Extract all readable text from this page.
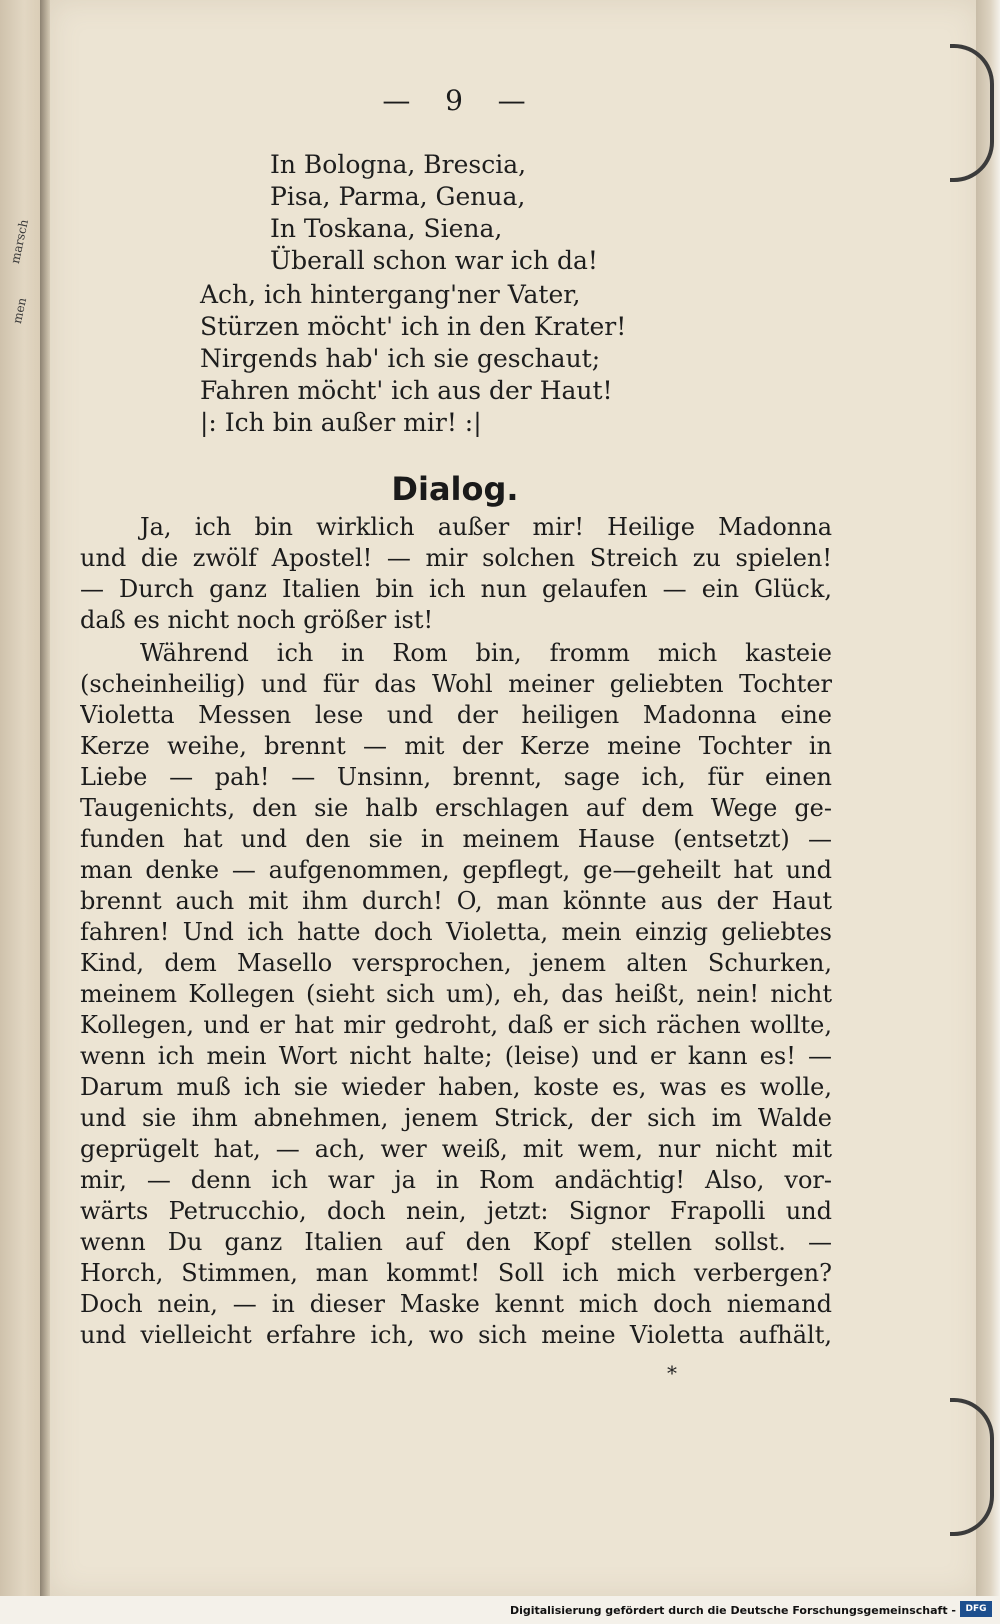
marsch
men
— 9 —
In Bologna, Brescia,
Pisa, Parma, Genua,
In Toskana, Siena,
Überall schon war ich da!
Ach, ich hintergang'ner Vater,
Stürzen möcht' ich in den Krater!
Nirgends hab' ich sie geschaut;
Fahren möcht' ich aus der Haut!
|: Ich bin außer mir! :|
Dialog.
Ja, ich bin wirklich außer mir! Heilige Madonna
und die zwölf Apostel! — mir solchen Streich zu spielen!
— Durch ganz Italien bin ich nun gelaufen — ein Glück,
daß es nicht noch größer ist!
Während ich in Rom bin, fromm mich kasteie
(scheinheilig) und für das Wohl meiner geliebten Tochter
Violetta Messen lese und der heiligen Madonna eine
Kerze weihe, brennt — mit der Kerze meine Tochter in
Liebe — pah! — Unsinn, brennt, sage ich, für einen
Taugenichts, den sie halb erschlagen auf dem Wege ge-
funden hat und den sie in meinem Hause (entsetzt) —
man denke — aufgenommen, gepflegt, ge—geheilt hat und
brennt auch mit ihm durch! O, man könnte aus der Haut
fahren! Und ich hatte doch Violetta, mein einzig geliebtes
Kind, dem Masello versprochen, jenem alten Schurken,
meinem Kollegen (sieht sich um), eh, das heißt, nein! nicht
Kollegen, und er hat mir gedroht, daß er sich rächen wollte,
wenn ich mein Wort nicht halte; (leise) und er kann es! —
Darum muß ich sie wieder haben, koste es, was es wolle,
und sie ihm abnehmen, jenem Strick, der sich im Walde
geprügelt hat, — ach, wer weiß, mit wem, nur nicht mit
mir, — denn ich war ja in Rom andächtig! Also, vor-
wärts Petrucchio, doch nein, jetzt: Signor Frapolli und
wenn Du ganz Italien auf den Kopf stellen sollst. —
Horch, Stimmen, man kommt! Soll ich mich verbergen?
Doch nein, — in dieser Maske kennt mich doch niemand
und vielleicht erfahre ich, wo sich meine Violetta aufhält,
*
Digitalisierung gefördert durch die Deutsche Forschungsgemeinschaft -	DFG
